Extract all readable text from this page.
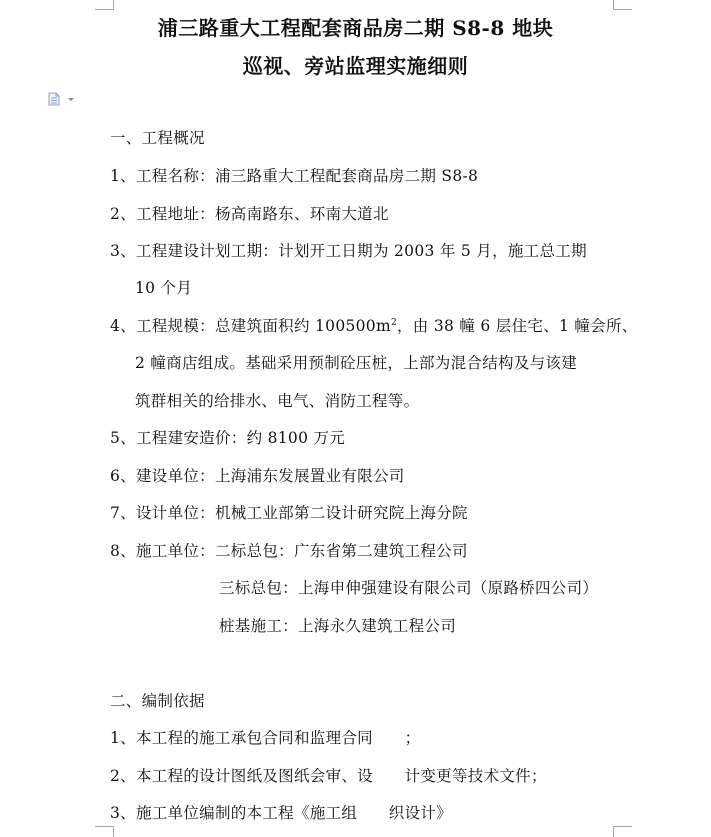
浦三路重大工程配套商品房二期 S8-8 地块
巡视、旁站监理实施细则
一、工程概况
1、工程名称：浦三路重大工程配套商品房二期 S8-8
2、工程地址：杨高南路东、环南大道北
3、工程建设计划工期：计划开工日期为 2003 年 5 月，施工总工期
10 个月
4、工程规模：总建筑面积约 $100500m^2$，由 38 幢 6 层住宅、1 幢会所、
2 幢商店组成。基础采用预制砼压桩，上部为混合结构及与该建
筑群相关的给排水、电气、消防工程等。
5、工程建安造价：约 8100 万元
6、建设单位：上海浦东发展置业有限公司
7、设计单位：机械工业部第二设计研究院上海分院
8、施工单位：二标总包：广东省第二建筑工程公司
三标总包：上海申伸强建设有限公司（原路桥四公司）
桩基施工：上海永久建筑工程公司
二、编制依据
1、本工程的施工承包合同和监理合同　　；
2、本工程的设计图纸及图纸会审、设　　计变更等技术文件；
3、施工单位编制的本工程《施工组　　织设计》
